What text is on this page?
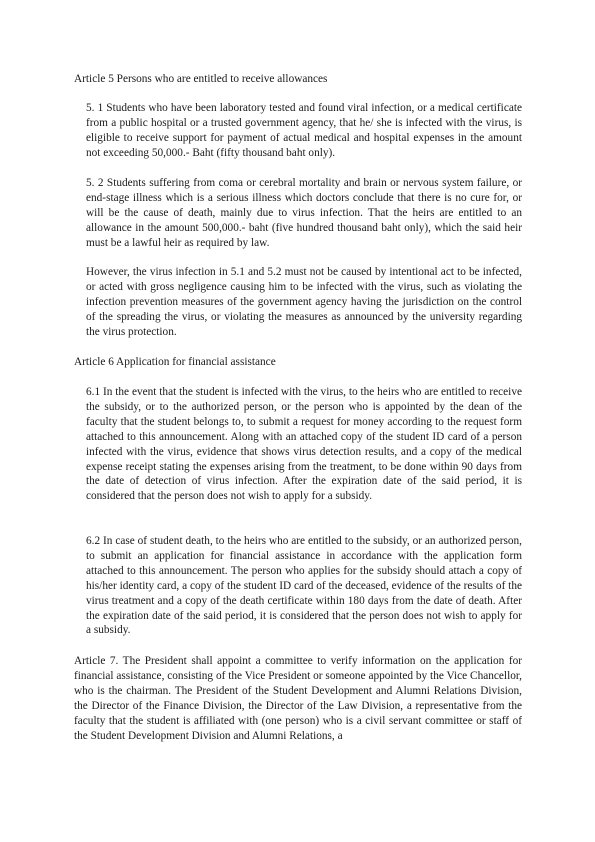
Article 5 Persons who are entitled to receive allowances

5. 1 Students who have been laboratory tested and found viral infection, or a medical certificate from a public hospital or a trusted government agency, that he/ she is infected with the virus, is eligible to receive support for payment of actual medical and hospital expenses in the amount not exceeding 50,000.- Baht (fifty thousand baht only).

5. 2 Students suffering from coma or cerebral mortality and brain or nervous system failure, or end-stage illness which is a serious illness which doctors conclude that there is no cure for, or will be the cause of death, mainly due to virus infection. That the heirs are entitled to an allowance in the amount 500,000.- baht (five hundred thousand baht only), which the said heir must be a lawful heir as required by law.

However, the virus infection in 5.1 and 5.2 must not be caused by intentional act to be infected, or acted with gross negligence causing him to be infected with the virus, such as violating the infection prevention measures of the government agency having the jurisdiction on the control of the spreading the virus, or violating the measures as announced by the university regarding the virus protection.

Article 6 Application for financial assistance

6.1 In the event that the student is infected with the virus, to the heirs who are entitled to receive the subsidy, or to the authorized person, or the person who is appointed by the dean of the faculty that the student belongs to, to submit a request for money according to the request form attached to this announcement. Along with an attached copy of the student ID card of a person infected with the virus, evidence that shows virus detection results, and a copy of the medical expense receipt stating the expenses arising from the treatment, to be done within 90 days from the date of detection of virus infection. After the expiration date of the said period, it is considered that the person does not wish to apply for a subsidy.

6.2 In case of student death, to the heirs who are entitled to the subsidy, or an authorized person, to submit an application for financial assistance in accordance with the application form attached to this announcement. The person who applies for the subsidy should attach a copy of his/her identity card, a copy of the student ID card of the deceased, evidence of the results of the virus treatment and a copy of the death certificate within 180 days from the date of death. After the expiration date of the said period, it is considered that the person does not wish to apply for a subsidy.

Article 7. The President shall appoint a committee to verify information on the application for financial assistance, consisting of the Vice President or someone appointed by the Vice Chancellor, who is the chairman. The President of the Student Development and Alumni Relations Division, the Director of the Finance Division, the Director of the Law Division, a representative from the faculty that the student is affiliated with (one person) who is a civil servant committee or staff of the Student Development Division and Alumni Relations, a
